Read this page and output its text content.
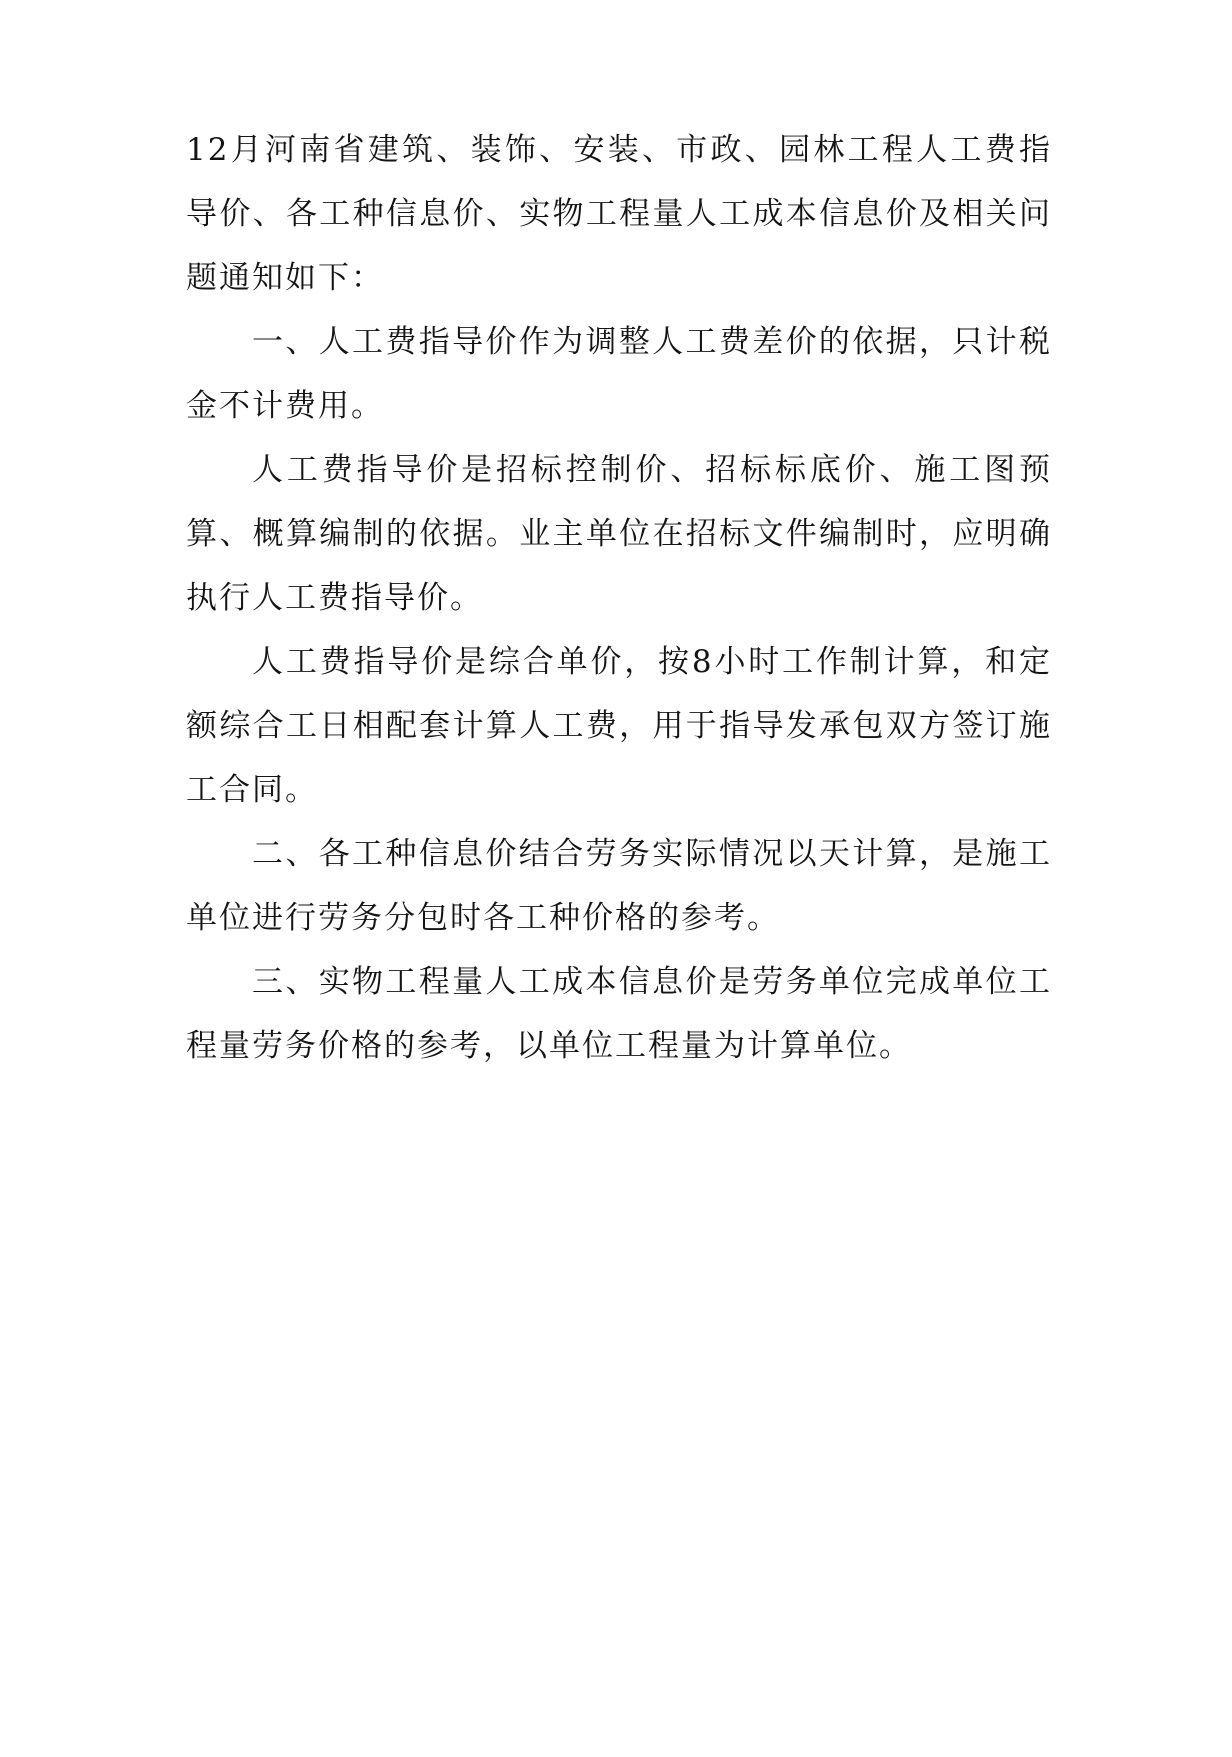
12月河南省建筑、装饰、安装、市政、园林工程人工费指导价、各工种信息价、实物工程量人工成本信息价及相关问题通知如下：

一、人工费指导价作为调整人工费差价的依据，只计税金不计费用。

人工费指导价是招标控制价、招标标底价、施工图预算、概算编制的依据。业主单位在招标文件编制时，应明确执行人工费指导价。

人工费指导价是综合单价，按8小时工作制计算，和定额综合工日相配套计算人工费，用于指导发承包双方签订施工合同。

二、各工种信息价结合劳务实际情况以天计算，是施工单位进行劳务分包时各工种价格的参考。

三、实物工程量人工成本信息价是劳务单位完成单位工程量劳务价格的参考，以单位工程量为计算单位。
